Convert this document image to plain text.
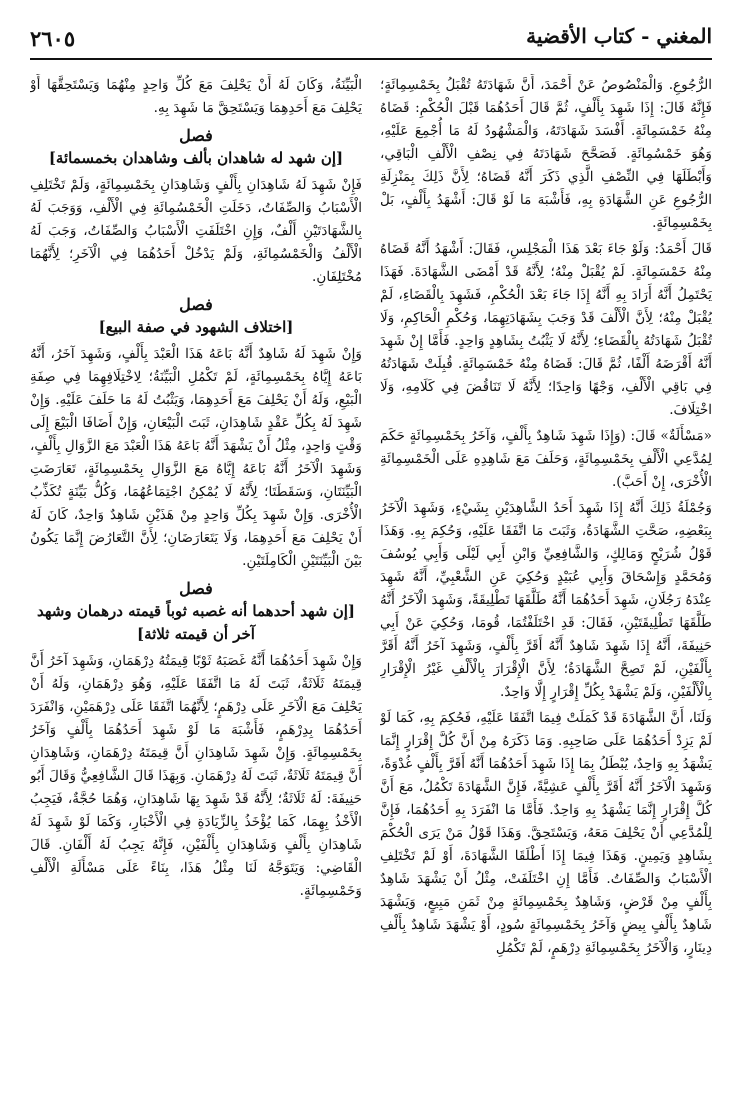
المغني - كتاب الأقضية
٢٦٠٥

الرُّجُوعِ. وَالْمَنْصُوصُ عَنْ أَحْمَدَ، أَنَّ شَهَادَتَهُ تُقْبَلُ بِخَمْسِمِائَةٍ؛ فَإِنَّهُ قَالَ: إِذَا شَهِدَ بِأَلْفٍ، ثُمَّ قَالَ أَحَدُهُمَا قَبْلَ الْحُكْمِ: قَضَاهُ مِنْهُ خَمْسَمِائَةٍ. أَفْسَدَ شَهَادَتَهُ، وَالْمَشْهُودُ لَهُ مَا أُجْمِعَ عَلَيْهِ، وَهُوَ خَمْسُمِائَةٍ. فَصَحَّحَ شَهَادَتَهُ فِي نِصْفِ الْأَلْفِ الْبَاقِي، وَأَبْطَلَهَا فِي النِّصْفِ الَّذِي ذَكَرَ أَنَّهُ قَضَاهُ؛ لِأَنَّ ذَلِكَ بِمَنْزِلَةِ الرُّجُوعِ عَنِ الشَّهَادَةِ بِهِ، فَأَشْبَهَ مَا لَوْ قَالَ: أَشْهَدُ بِأَلْفٍ، بَلْ بِخَمْسِمِائَةٍ.

قَالَ أَحْمَدُ: وَلَوْ جَاءَ بَعْدَ هَذَا الْمَجْلِسِ، فَقَالَ: أَشْهَدُ أَنَّهُ قَضَاهُ مِنْهُ خَمْسَمِائَةٍ. لَمْ يُقْبَلْ مِنْهُ؛ لِأَنَّهُ قَدْ أَمْضَى الشَّهَادَةَ. فَهَذَا يَحْتَمِلُ أَنَّهُ أَرَادَ بِهِ أَنَّهُ إِذَا جَاءَ بَعْدَ الْحُكْمِ، فَشَهِدَ بِالْقَضَاءِ، لَمْ يُقْبَلْ مِنْهُ؛ لِأَنَّ الْأَلْفَ قَدْ وَجَبَ بِشَهَادَتِهِمَا، وَحُكْمِ الْحَاكِمِ، وَلَا تُقْبَلُ شَهَادَتُهُ بِالْقَضَاءِ؛ لِأَنَّهُ لَا يَثْبُتُ بِشَاهِدٍ وَاحِدٍ. فَأَمَّا إِنْ شَهِدَ أَنَّهُ أَقْرَضَهُ أَلْفًا، ثُمَّ قَالَ: قَضَاهُ مِنْهُ خَمْسَمِائَةٍ. قُبِلَتْ شَهَادَتُهُ فِي بَاقِي الْأَلْفِ، وَجْهًا وَاحِدًا؛ لِأَنَّهُ لَا تَنَاقُضَ فِي كَلَامِهِ، وَلَا اخْتِلَافَ.

«مَسْأَلَةٌ» قَالَ: (وَإِذَا شَهِدَ شَاهِدٌ بِأَلْفٍ، وَآخَرُ بِخَمْسِمِائَةٍ حَكَمَ لِمُدَّعِي الْأَلْفِ بِخَمْسِمِائَةٍ، وَحَلَفَ مَعَ شَاهِدِهِ عَلَى الْخَمْسِمِائَةِ الْأُخْرَى، إِنْ أَحَبَّ).

وَجُمْلَةُ ذَلِكَ أَنَّهُ إِذَا شَهِدَ أَحَدُ الشَّاهِدَيْنِ بِشَيْءٍ، وَشَهِدَ الْآخَرُ بِبَعْضِهِ، صَحَّتِ الشَّهَادَةُ، وَثَبَتَ مَا اتَّفَقَا عَلَيْهِ، وَحُكِمَ بِهِ. وَهَذَا قَوْلُ شُرَيْحٍ وَمَالِكٍ، وَالشَّافِعِيِّ وَابْنِ أَبِي لَيْلَى وَأَبِي يُوسُفَ وَمُحَمَّدٍ وَإِسْحَاقَ وَأَبِي عُبَيْدٍ وَحُكِيَ عَنِ الشَّعْبِيِّ، أَنَّهُ شَهِدَ عِنْدَهُ رَجُلَانِ، شَهِدَ أَحَدُهُمَا أَنَّهُ طَلَّقَهَا تَطْلِيقَةً، وَشَهِدَ الْآخَرُ أَنَّهُ طَلَّقَهَا تَطْلِيقَتَيْنِ، فَقَالَ: قَدِ اخْتَلَفْتُمَا، قُومَا، وَحُكِيَ عَنْ أَبِي حَنِيفَةَ، أَنَّهُ إِذَا شَهِدَ شَاهِدٌ أَنَّهُ أَقَرَّ بِأَلْفٍ، وَشَهِدَ آخَرُ أَنَّهُ أَقَرَّ بِأَلْفَيْنِ، لَمْ تَصِحَّ الشَّهَادَةُ؛ لِأَنَّ الْإِقْرَارَ بِالْأَلْفِ غَيْرُ الْإِقْرَارِ بِالْأَلْفَيْنِ، وَلَمْ يَشْهَدْ بِكُلِّ إِقْرَارٍ إِلَّا وَاحِدٌ.

وَلَنَا، أَنَّ الشَّهَادَةَ قَدْ كَمَلَتْ فِيمَا اتَّفَقَا عَلَيْهِ، فَحُكِمَ بِهِ، كَمَا لَوْ لَمْ يَزِدْ أَحَدُهُمَا عَلَى صَاحِبِهِ. وَمَا ذَكَرَهُ مِنْ أَنَّ كُلَّ إِقْرَارٍ إِنَّمَا يَشْهَدُ بِهِ وَاحِدٌ، يُبْطَلُ بِمَا إِذَا شَهِدَ أَحَدُهُمَا أَنَّهُ أَقَرَّ بِأَلْفٍ غُدْوَةً، وَشَهِدَ الْآخَرُ أَنَّهُ أَقَرَّ بِأَلْفٍ عَشِيَّةً، فَإِنَّ الشَّهَادَةَ تَكْمُلُ، مَعَ أَنَّ كُلَّ إِقْرَارٍ إِنَّمَا يَشْهَدُ بِهِ وَاحِدٌ. فَأَمَّا مَا انْفَرَدَ بِهِ أَحَدُهُمَا، فَإِنَّ لِلْمُدَّعِي أَنْ يَحْلِفَ مَعَهُ، وَيَسْتَحِقَّ. وَهَذَا قَوْلُ مَنْ يَرَى الْحُكْمَ بِشَاهِدٍ وَيَمِينٍ. وَهَذَا فِيمَا إِذَا أَطْلَقَا الشَّهَادَةَ، أَوْ لَمْ تَخْتَلِفِ الْأَسْبَابُ وَالصِّفَاتُ. فَأَمَّا إِنِ اخْتَلَفَتْ، مِثْلُ أَنْ يَشْهَدَ شَاهِدٌ بِأَلْفٍ مِنْ قَرْضٍ، وَشَاهِدٌ بِخَمْسِمِائَةٍ مِنْ ثَمَنِ مَبِيعٍ، وَيَشْهَدَ شَاهِدٌ بِأَلْفٍ بِيضٍ وَآخَرُ بِخَمْسِمِائَةٍ سُودٍ، أَوْ يَشْهَدَ شَاهِدٌ بِأَلْفِ دِينَارٍ، وَالْآخَرُ بِخَمْسِمِائَةِ دِرْهَمٍ، لَمْ تَكْمُلِ

الْبَيِّنَةُ، وَكَانَ لَهُ أَنْ يَحْلِفَ مَعَ كُلِّ وَاحِدٍ مِنْهُمَا وَيَسْتَحِقَّهَا أَوْ يَحْلِفَ مَعَ أَحَدِهِمَا وَيَسْتَحِقَّ مَا شَهِدَ بِهِ.

فصل
[إن شهد له شاهدان بألف وشاهدان بخمسمائة]

فَإِنْ شَهِدَ لَهُ شَاهِدَانِ بِأَلْفٍ وَشَاهِدَانِ بِخَمْسِمِائَةٍ، وَلَمْ تَخْتَلِفِ الْأَسْبَابُ وَالصِّفَاتُ، دَخَلَتِ الْخَمْسُمِائَةِ فِي الْأَلْفِ، وَوَجَبَ لَهُ بِالشَّهَادَتَيْنِ أَلْفٌ، وَإِنِ اخْتَلَفَتِ الْأَسْبَابُ وَالصِّفَاتُ، وَجَبَ لَهُ الْأَلْفُ وَالْخَمْسُمِائَةِ، وَلَمْ يَدْخُلْ أَحَدُهُمَا فِي الْآخَرِ؛ لِأَنَّهُمَا مُخْتَلِفَانِ.

فصل
[اختلاف الشهود في صفة البيع]

وَإِنْ شَهِدَ لَهُ شَاهِدٌ أَنَّهُ بَاعَهُ هَذَا الْعَبْدَ بِأَلْفٍ، وَشَهِدَ آخَرُ، أَنَّهُ بَاعَهُ إِيَّاهُ بِخَمْسِمِائَةٍ، لَمْ تَكْمُلِ الْبَيِّنَةُ؛ لِاخْتِلَافِهِمَا فِي صِفَةِ الْبَيْعِ، وَلَهُ أَنْ يَحْلِفَ مَعَ أَحَدِهِمَا، وَيَثْبُتُ لَهُ مَا حَلَفَ عَلَيْهِ. وَإِنْ شَهِدَ لَهُ بِكُلِّ عَقْدٍ شَاهِدَانِ، ثَبَتَ الْبَيْعَانِ، وَإِنْ أَضَافَا الْبَيْعَ إِلَى وَقْتٍ وَاحِدٍ، مِثْلُ أَنْ يَشْهَدَ أَنَّهُ بَاعَهُ هَذَا الْعَبْدَ مَعَ الزَّوَالِ بِأَلْفٍ، وَشَهِدَ الْآخَرُ أَنَّهُ بَاعَهُ إِيَّاهُ مَعَ الزَّوَالِ بِخَمْسِمِائَةٍ، تَعَارَضَتِ الْبَيِّنَتَانِ، وَسَقَطَتَا؛ لِأَنَّهُ لَا يُمْكِنُ اجْتِمَاعُهُمَا، وَكُلُّ بَيِّنَةٍ تُكَذِّبُ الْأُخْرَى. وَإِنْ شَهِدَ بِكُلِّ وَاحِدٍ مِنْ هَذَيْنِ شَاهِدٌ وَاحِدٌ، كَانَ لَهُ أَنْ يَحْلِفَ مَعَ أَحَدِهِمَا، وَلَا يَتَعَارَضَانِ؛ لِأَنَّ التَّعَارُضَ إِنَّمَا يَكُونُ بَيْنَ الْبَيِّنَتَيْنِ الْكَامِلَتَيْنِ.

فصل
[إن شهد أحدهما أنه غصبه ثوباً قيمته درهمان وشهد آخر أن قيمته ثلاثة]

وَإِنْ شَهِدَ أَحَدُهُمَا أَنَّهُ غَصَبَهُ ثَوْبًا قِيمَتُهُ دِرْهَمَانِ، وَشَهِدَ آخَرُ أَنَّ قِيمَتَهُ ثَلَاثَةٌ، ثَبَتَ لَهُ مَا اتَّفَقَا عَلَيْهِ، وَهُوَ دِرْهَمَانِ، وَلَهُ أَنْ يَحْلِفَ مَعَ الْآخَرِ عَلَى دِرْهَمٍ؛ لِأَنَّهُمَا اتَّفَقَا عَلَى دِرْهَمَيْنِ، وَانْفَرَدَ أَحَدُهُمَا بِدِرْهَمٍ، فَأَشْبَهَ مَا لَوْ شَهِدَ أَحَدُهُمَا بِأَلْفٍ وَآخَرُ بِخَمْسِمِائَةٍ. وَإِنْ شَهِدَ شَاهِدَانِ أَنَّ قِيمَتَهُ دِرْهَمَانِ، وَشَاهِدَانِ أَنَّ قِيمَتَهُ ثَلَاثَةٌ، ثَبَتَ لَهُ دِرْهَمَانِ. وَبِهَذَا قَالَ الشَّافِعِيُّ وَقَالَ أَبُو حَنِيفَةَ: لَهُ ثَلَاثَةٌ؛ لِأَنَّهُ قَدْ شَهِدَ بِهَا شَاهِدَانِ، وَهُمَا حُجَّةٌ، فَيَجِبُ الْأَخْذُ بِهِمَا، كَمَا يُؤْخَذُ بِالزِّيَادَةِ فِي الْأَخْبَارِ، وَكَمَا لَوْ شَهِدَ لَهُ شَاهِدَانِ بِأَلْفٍ وَشَاهِدَانِ بِأَلْفَيْنِ، فَإِنَّهُ يَجِبُ لَهُ أَلْفَانِ. قَالَ الْقَاضِي: وَيَتَوَجَّهُ لَنَا مِثْلُ هَذَا، بِنَاءً عَلَى مَسْأَلَةِ الْأَلْفِ وَخَمْسِمِائَةٍ.
